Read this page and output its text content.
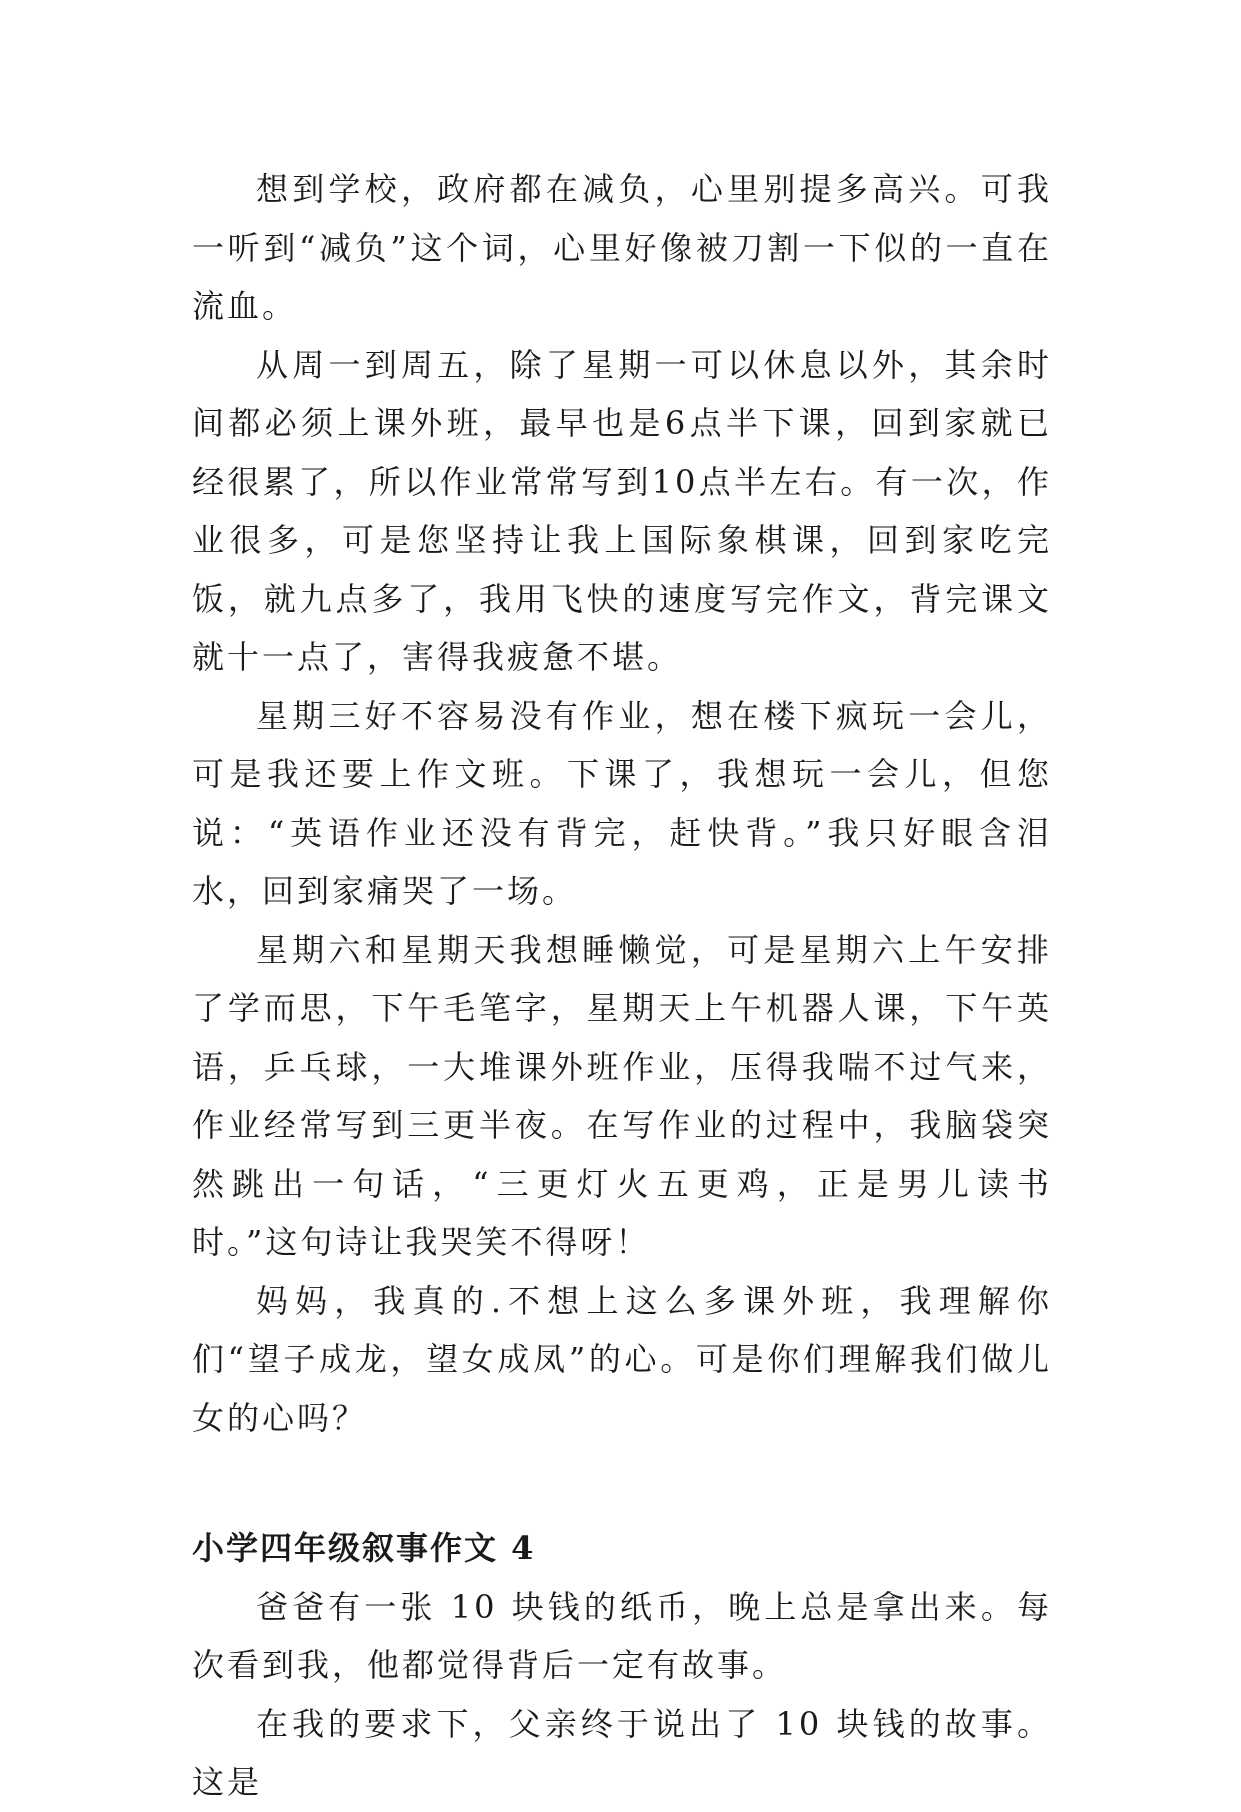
想到学校，政府都在减负，心里别提多高兴。可我一听到“减负”这个词，心里好像被刀割一下似的一直在流血。

从周一到周五，除了星期一可以休息以外，其余时间都必须上课外班，最早也是6点半下课，回到家就已经很累了，所以作业常常写到10点半左右。有一次，作业很多，可是您坚持让我上国际象棋课，回到家吃完饭，就九点多了，我用飞快的速度写完作文，背完课文就十一点了，害得我疲惫不堪。

星期三好不容易没有作业，想在楼下疯玩一会儿，可是我还要上作文班。下课了，我想玩一会儿，但您说：“英语作业还没有背完，赶快背。”我只好眼含泪水，回到家痛哭了一场。

星期六和星期天我想睡懒觉，可是星期六上午安排了学而思，下午毛笔字，星期天上午机器人课，下午英语，乒乓球，一大堆课外班作业，压得我喘不过气来，作业经常写到三更半夜。在写作业的过程中，我脑袋突然跳出一句话，“三更灯火五更鸡，正是男儿读书时。”这句诗让我哭笑不得呀！

妈妈，我真的.不想上这么多课外班，我理解你们“望子成龙，望女成凤”的心。可是你们理解我们做儿女的心吗？

小学四年级叙事作文 4

爸爸有一张 10 块钱的纸币，晚上总是拿出来。每次看到我，他都觉得背后一定有故事。

在我的要求下，父亲终于说出了 10 块钱的故事。这是
